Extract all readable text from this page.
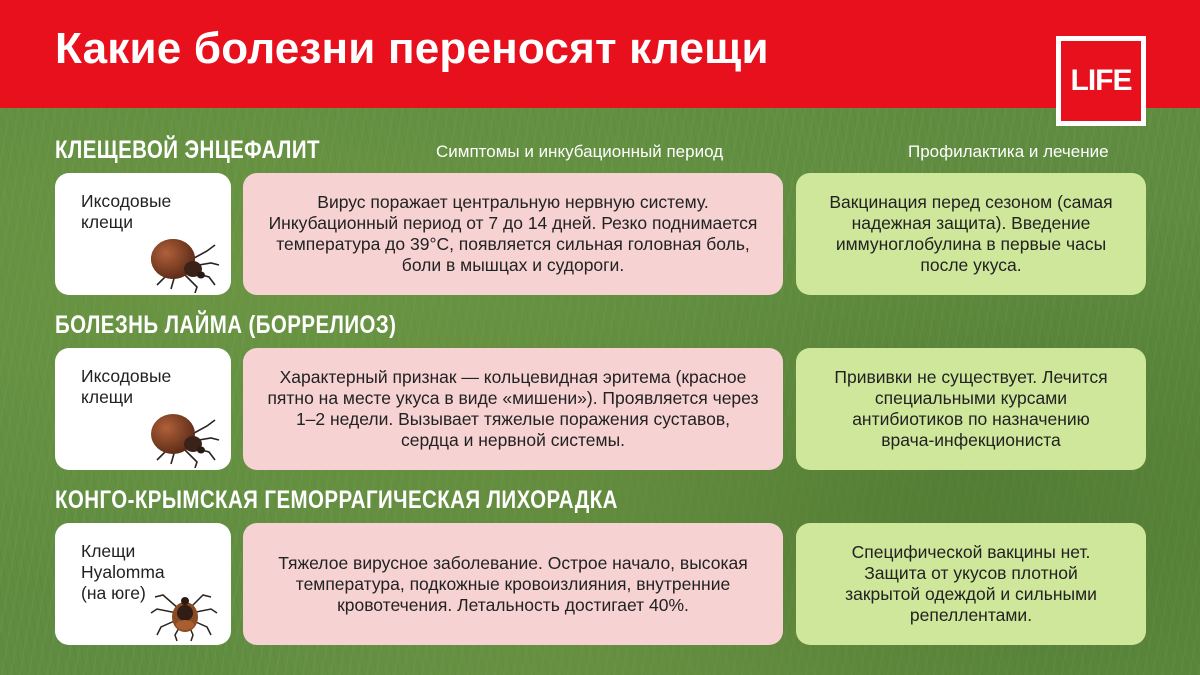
Какие болезни переносят клещи
LIFE
Симптомы и инкубационный период	Профилактика и лечение
КЛЕЩЕВОЙ ЭНЦЕФАЛИТ
Иксодовые клещи
Вирус поражает центральную нервную систему. Инкубационный период от 7 до 14 дней. Резко поднимается температура до 39°С, появляется сильная головная боль, боли в мышцах и судороги.
Вакцинация перед сезоном (самая надежная защита). Введение иммуноглобулина в первые часы после укуса.
БОЛЕЗНЬ ЛАЙМА (БОРРЕЛИОЗ)
Иксодовые клещи
Характерный признак — кольцевидная эритема (красное пятно на месте укуса в виде «мишени»). Проявляется через 1–2 недели. Вызывает тяжелые поражения суставов, сердца и нервной системы.
Прививки не существует. Лечится специальными курсами антибиотиков по назначению врача-инфекциониста
КОНГО-КРЫМСКАЯ ГЕМОРРАГИЧЕСКАЯ ЛИХОРАДКА
Клещи Hyalomma (на юге)
Тяжелое вирусное заболевание. Острое начало, высокая температура, подкожные кровоизлияния, внутренние кровотечения. Летальность достигает 40%.
Специфической вакцины нет. Защита от укусов плотной закрытой одеждой и сильными репеллентами.
